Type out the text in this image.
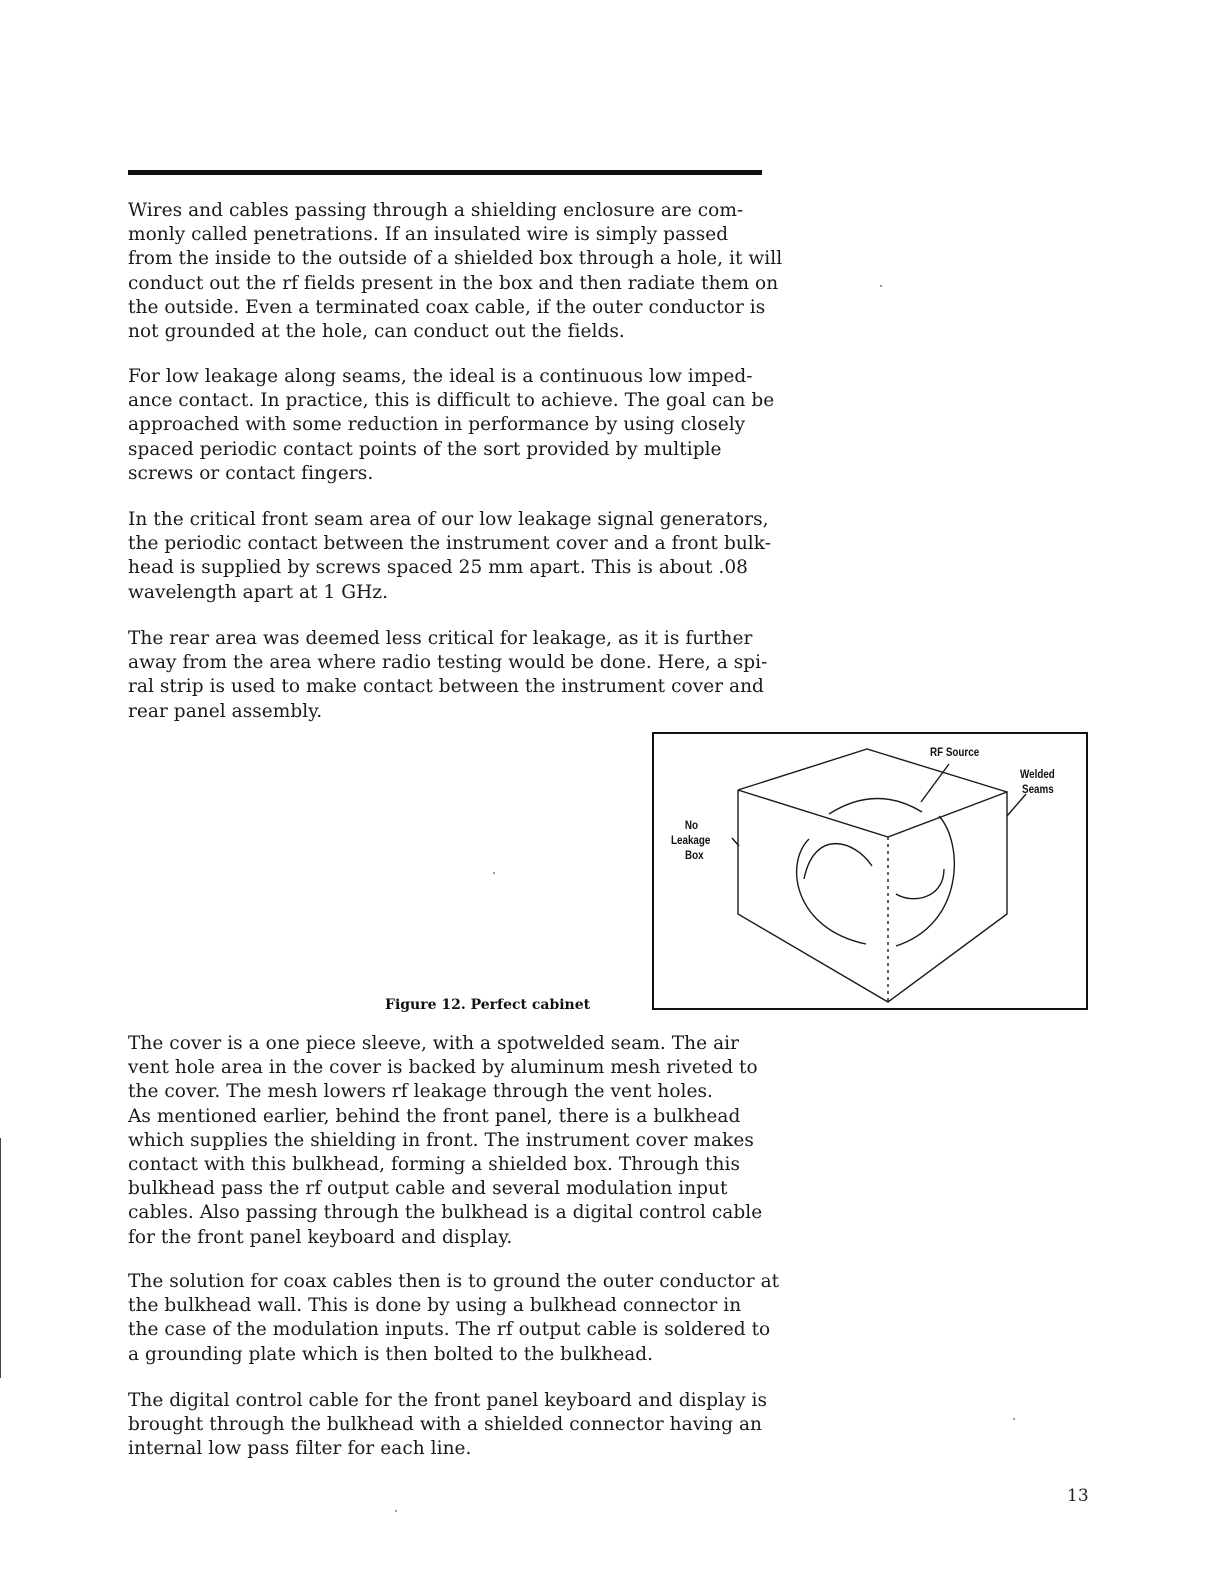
Wires and cables passing through a shielding enclosure are com-
monly called penetrations. If an insulated wire is simply passed
from the inside to the outside of a shielded box through a hole, it will
conduct out the rf fields present in the box and then radiate them on
the outside. Even a terminated coax cable, if the outer conductor is
not grounded at the hole, can conduct out the fields.
For low leakage along seams, the ideal is a continuous low imped-
ance contact. In practice, this is difficult to achieve. The goal can be
approached with some reduction in performance by using closely
spaced periodic contact points of the sort provided by multiple
screws or contact fingers.
In the critical front seam area of our low leakage signal generators,
the periodic contact between the instrument cover and a front bulk-
head is supplied by screws spaced 25 mm apart. This is about .08
wavelength apart at 1 GHz.
The rear area was deemed less critical for leakage, as it is further
away from the area where radio testing would be done. Here, a spi-
ral strip is used to make contact between the instrument cover and
rear panel assembly.
No
Leakage
Box
RF Source
Welded
Seams
Figure 12. Perfect cabinet
The cover is a one piece sleeve, with a spotwelded seam. The air
vent hole area in the cover is backed by aluminum mesh riveted to
the cover. The mesh lowers rf leakage through the vent holes.
As mentioned earlier, behind the front panel, there is a bulkhead
which supplies the shielding in front. The instrument cover makes
contact with this bulkhead, forming a shielded box. Through this
bulkhead pass the rf output cable and several modulation input
cables. Also passing through the bulkhead is a digital control cable
for the front panel keyboard and display.
The solution for coax cables then is to ground the outer conductor at
the bulkhead wall. This is done by using a bulkhead connector in
the case of the modulation inputs. The rf output cable is soldered to
a grounding plate which is then bolted to the bulkhead.
The digital control cable for the front panel keyboard and display is
brought through the bulkhead with a shielded connector having an
internal low pass filter for each line.
13
